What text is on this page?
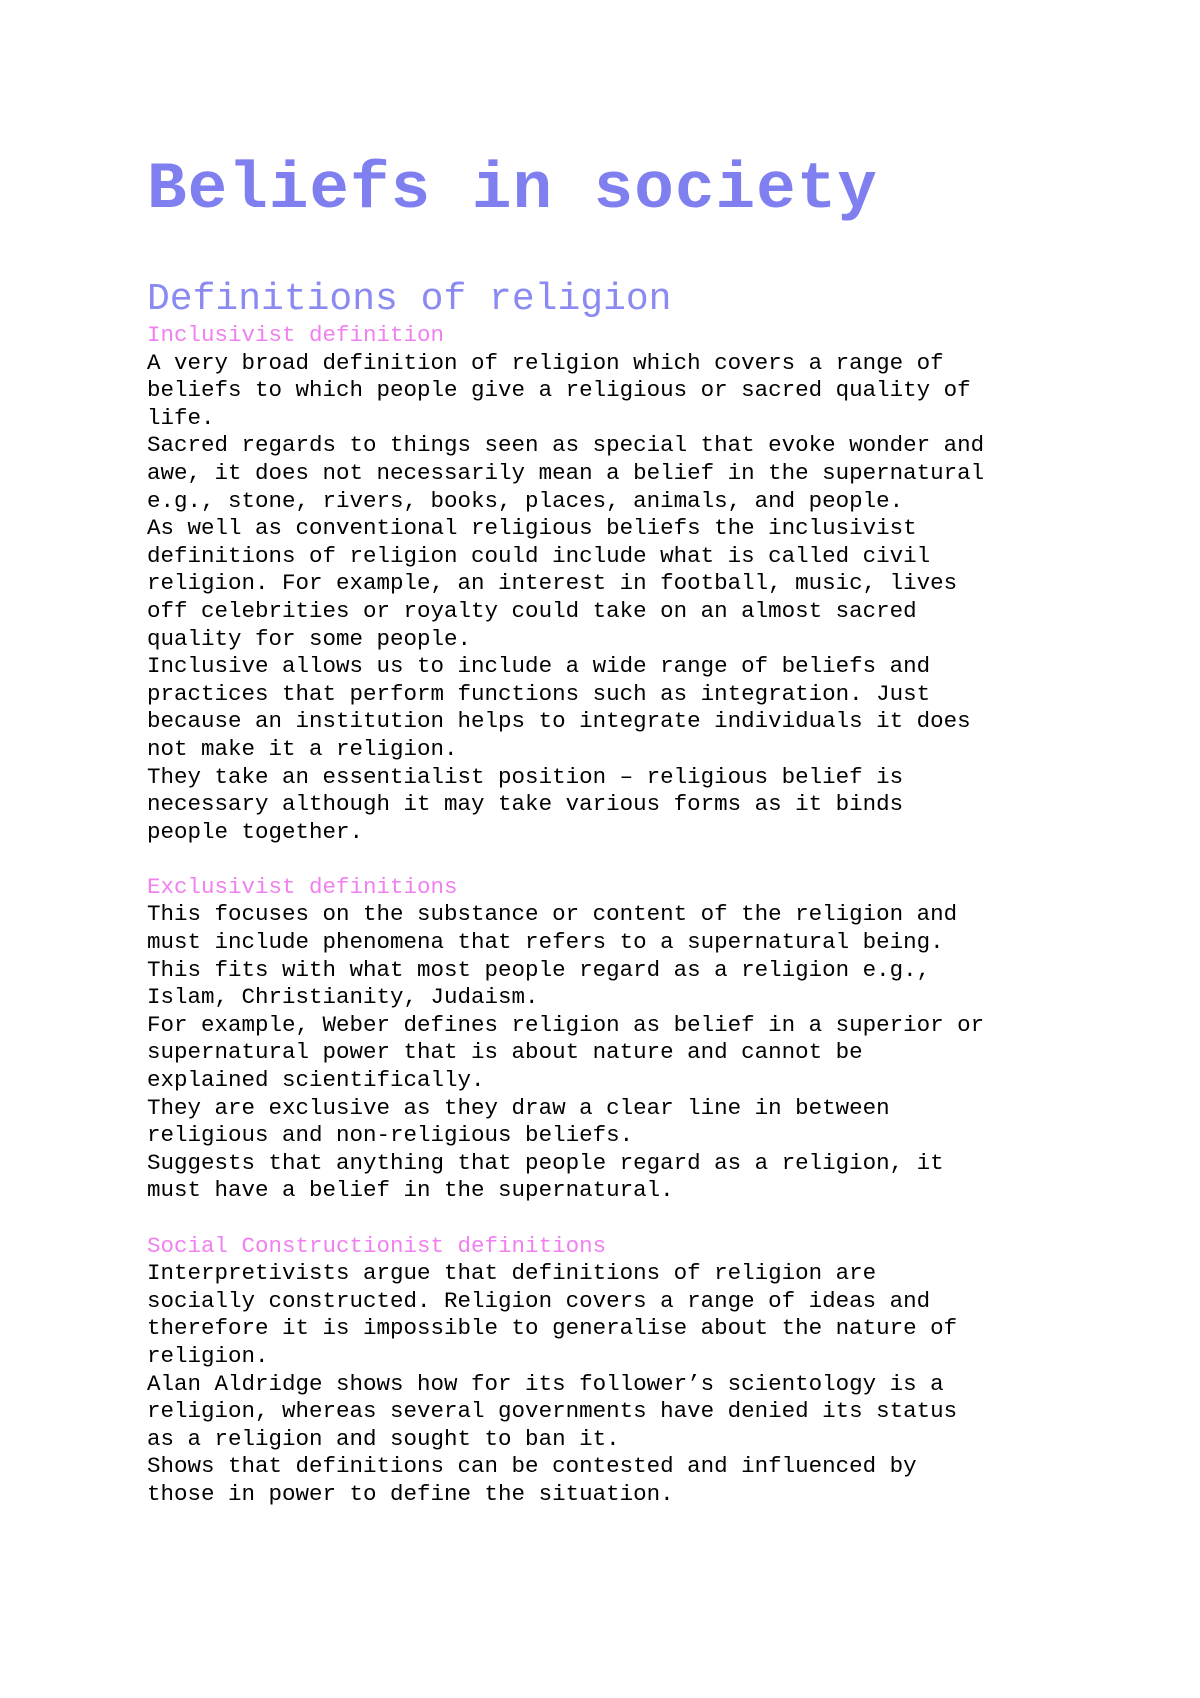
Beliefs in society
Definitions of religion
Inclusivist definition
A very broad definition of religion which covers a range of
beliefs to which people give a religious or sacred quality of
life.
Sacred regards to things seen as special that evoke wonder and
awe, it does not necessarily mean a belief in the supernatural
e.g., stone, rivers, books, places, animals, and people.
As well as conventional religious beliefs the inclusivist
definitions of religion could include what is called civil
religion. For example, an interest in football, music, lives
off celebrities or royalty could take on an almost sacred
quality for some people.
Inclusive allows us to include a wide range of beliefs and
practices that perform functions such as integration. Just
because an institution helps to integrate individuals it does
not make it a religion.
They take an essentialist position – religious belief is
necessary although it may take various forms as it binds
people together.
Exclusivist definitions
This focuses on the substance or content of the religion and
must include phenomena that refers to a supernatural being.
This fits with what most people regard as a religion e.g.,
Islam, Christianity, Judaism.
For example, Weber defines religion as belief in a superior or
supernatural power that is about nature and cannot be
explained scientifically.
They are exclusive as they draw a clear line in between
religious and non-religious beliefs.
Suggests that anything that people regard as a religion, it
must have a belief in the supernatural.
Social Constructionist definitions
Interpretivists argue that definitions of religion are
socially constructed. Religion covers a range of ideas and
therefore it is impossible to generalise about the nature of
religion.
Alan Aldridge shows how for its follower’s scientology is a
religion, whereas several governments have denied its status
as a religion and sought to ban it.
Shows that definitions can be contested and influenced by
those in power to define the situation.
